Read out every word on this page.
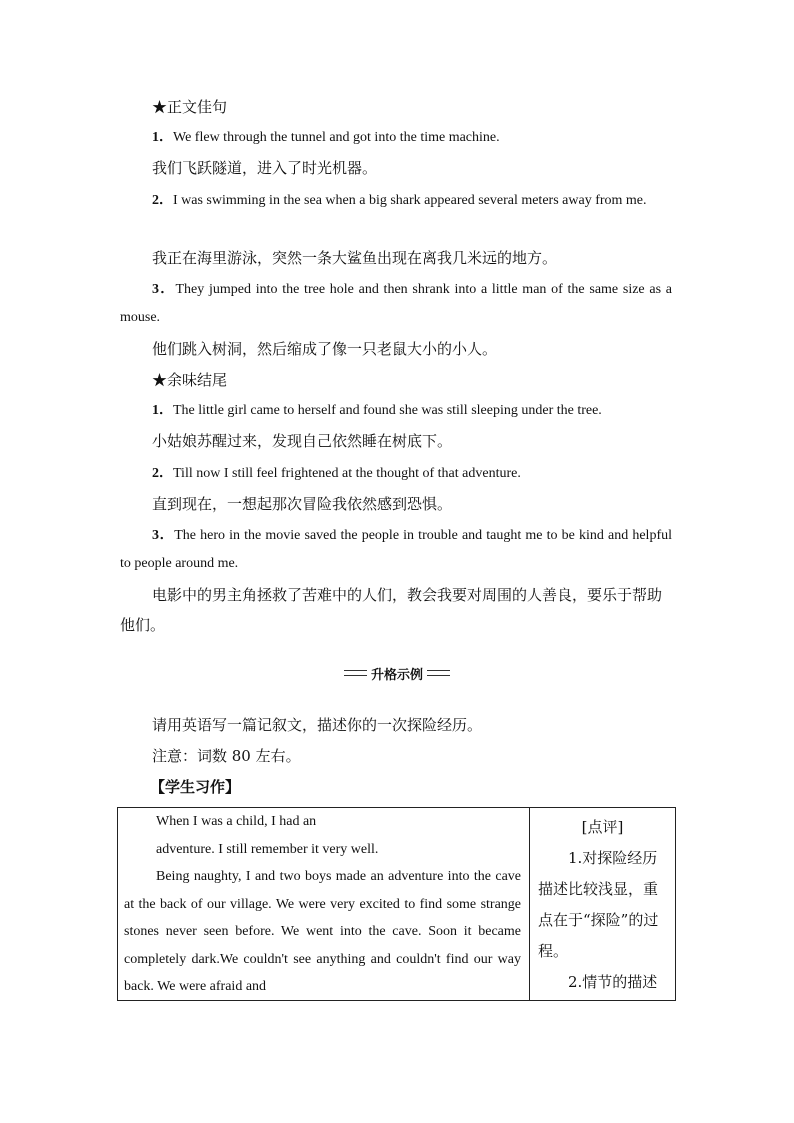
★正文佳句
1．We flew through the tunnel and got into the time machine.
我们飞跃隧道，进入了时光机器。
2．I was swimming in the sea when a big shark appeared several meters away from me.
我正在海里游泳，突然一条大鲨鱼出现在离我几米远的地方。
3．They jumped into the tree hole and then shrank into a little man of the same size as a mouse.
他们跳入树洞，然后缩成了像一只老鼠大小的小人。
★余味结尾
1．The little girl came to herself and found she was still sleeping under the tree.
小姑娘苏醒过来，发现自己依然睡在树底下。
2．Till now I still feel frightened at the thought of that adventure.
直到现在，一想起那次冒险我依然感到恐惧。
3．The hero in the movie saved the people in trouble and taught me to be kind and helpful to people around me.
电影中的男主角拯救了苦难中的人们，教会我要对周围的人善良，要乐于帮助他们。
升格示例
请用英语写一篇记叙文，描述你的一次探险经历。
注意：词数 80 左右。
【学生习作】
When I was a child, I had an
adventure. I still remember it very well.
Being naughty, I and two boys made an adventure into the cave at the back of our village. We were very excited to find some strange stones never seen before. We went into the cave. Soon it became completely dark.We couldn't see anything and couldn't find our way back. We were afraid and
[点评]
1.对探险经历描述比较浅显，重点在于“探险”的过程。
2.情节的描述
